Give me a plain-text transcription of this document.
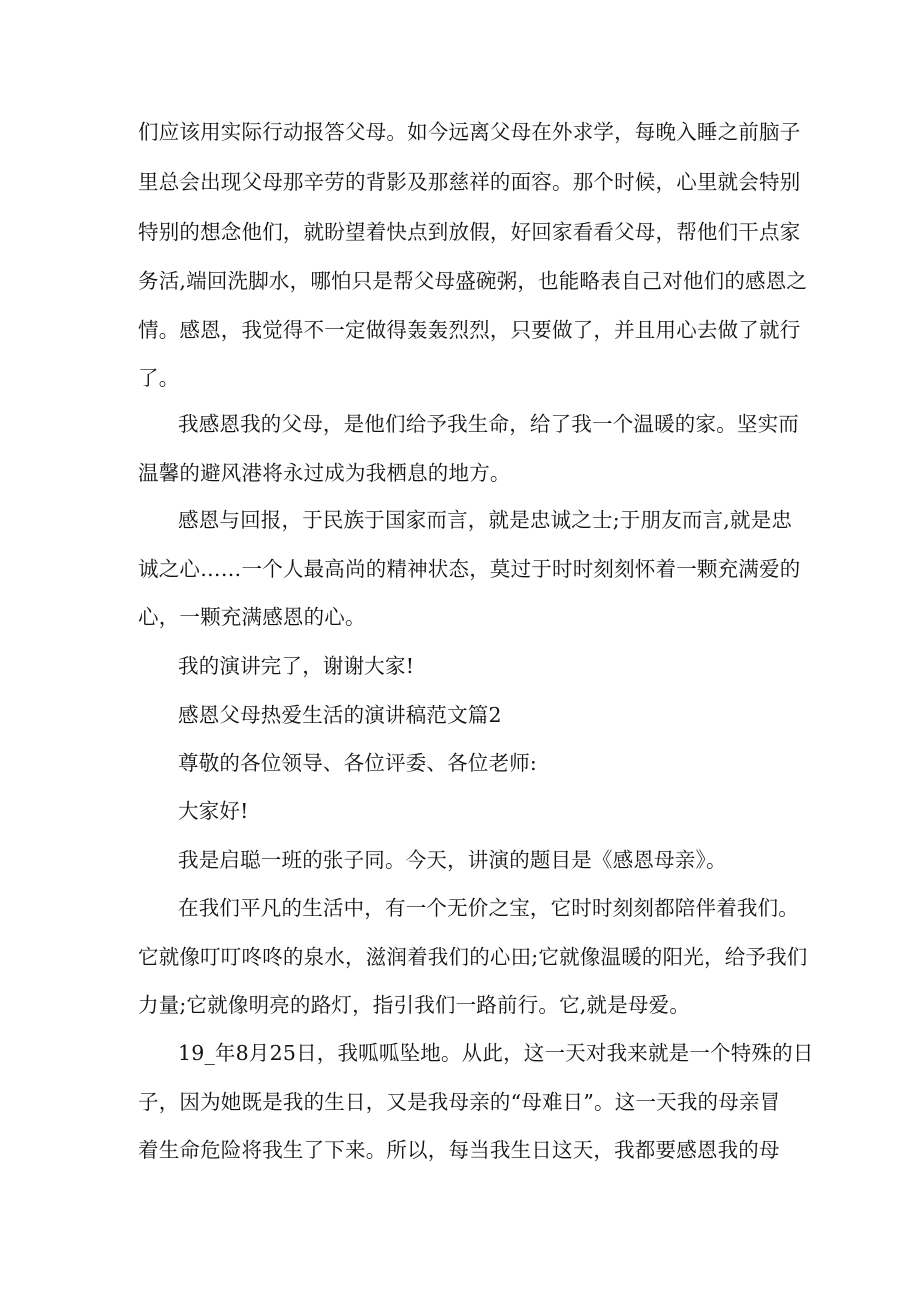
们应该用实际行动报答父母。如今远离父母在外求学，每晚入睡之前脑子

里总会出现父母那辛劳的背影及那慈祥的面容。那个时候，心里就会特别

特别的想念他们，就盼望着快点到放假，好回家看看父母，帮他们干点家

务活,端回洗脚水，哪怕只是帮父母盛碗粥，也能略表自己对他们的感恩之

情。感恩，我觉得不一定做得轰轰烈烈，只要做了，并且用心去做了就行

了。

我感恩我的父母，是他们给予我生命，给了我一个温暖的家。坚实而

温馨的避风港将永过成为我栖息的地方。

感恩与回报，于民族于国家而言，就是忠诚之士;于朋友而言,就是忠

诚之心……一个人最高尚的精神状态，莫过于时时刻刻怀着一颗充满爱的

心，一颗充满感恩的心。

我的演讲完了，谢谢大家!

感恩父母热爱生活的演讲稿范文篇2

尊敬的各位领导、各位评委、各位老师:

大家好!

我是启聪一班的张子同。今天，讲演的题目是《感恩母亲》。

在我们平凡的生活中，有一个无价之宝，它时时刻刻都陪伴着我们。

它就像叮叮咚咚的泉水，滋润着我们的心田;它就像温暖的阳光，给予我们

力量;它就像明亮的路灯，指引我们一路前行。它,就是母爱。

19_年8月25日，我呱呱坠地。从此，这一天对我来就是一个特殊的日

子，因为她既是我的生日，又是我母亲的“母难日”。这一天我的母亲冒

着生命危险将我生了下来。所以，每当我生日这天，我都要感恩我的母
